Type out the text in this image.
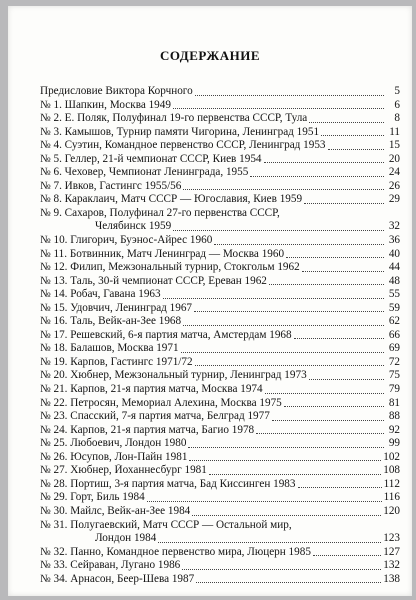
СОДЕРЖАНИЕ
Предисловие Виктора Корчного	5
№ 1. Шапкин, Москва 1949	6
№ 2. Е. Поляк, Полуфинал 19-го первенства СССР, Тула	8
№ 3. Камышов, Турнир памяти Чигорина, Ленинград 1951	11
№ 4. Суэтин, Командное первенство СССР, Ленинград 1953	15
№ 5. Геллер, 21-й чемпионат СССР, Киев 1954	20
№ 6. Чеховер, Чемпионат Ленинграда, 1955	24
№ 7. Ивков, Гастингс 1955/56	26
№ 8. Караклаич, Матч СССР — Югославия, Киев 1959	29
№ 9. Сахаров, Полуфинал 27-го первенства СССР,
Челябинск 1959	32
№ 10. Глигорич, Буэнос-Айрес 1960	36
№ 11. Ботвинник, Матч Ленинград — Москва 1960	40
№ 12. Филип, Межзональный турнир, Стокгольм 1962	44
№ 13. Таль, 30-й чемпионат СССР, Ереван 1962	48
№ 14. Робач, Гавана 1963	55
№ 15. Удовчич, Ленинград 1967	59
№ 16. Таль, Вейк-ан-Зее 1968	62
№ 17. Решевский, 6-я партия матча, Амстердам 1968	66
№ 18. Балашов, Москва 1971	69
№ 19. Карпов, Гастингс 1971/72	72
№ 20. Хюбнер, Межзональный турнир, Ленинград 1973	75
№ 21. Карпов, 21-я партия матча, Москва 1974	79
№ 22. Петросян, Мемориал Алехина, Москва 1975	81
№ 23. Спасский, 7-я партия матча, Белград 1977	88
№ 24. Карпов, 21-я партия матча, Багио 1978	92
№ 25. Любоевич, Лондон 1980	99
№ 26. Юсупов, Лон-Пайн 1981	102
№ 27. Хюбнер, Йоханнесбург 1981	108
№ 28. Портиш, 3-я партия матча, Бад Киссинген 1983	112
№ 29. Горт, Биль 1984	116
№ 30. Майлс, Вейк-ан-Зее 1984	120
№ 31. Полугаевский, Матч СССР — Остальной мир,
Лондон 1984	123
№ 32. Панно, Командное первенство мира, Люцерн 1985	127
№ 33. Сейраван, Лугано 1986	132
№ 34. Арнасон, Беер-Шева 1987	138
